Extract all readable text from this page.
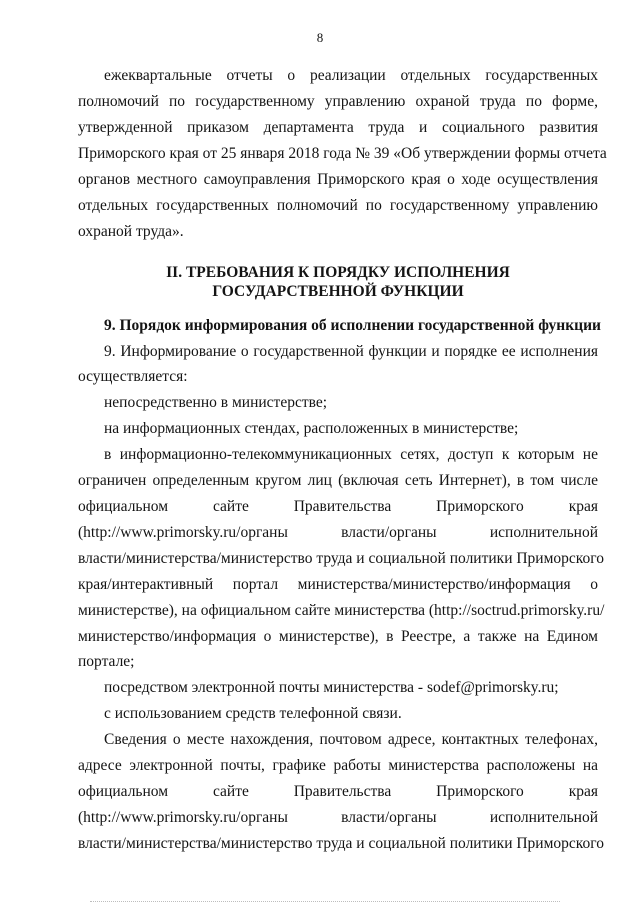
8
ежеквартальные отчеты о реализации отдельных государственных
полномочий по государственному управлению охраной труда по форме,
утвержденной приказом департамента труда и социального развития
Приморского края от 25 января 2018 года № 39 «Об утверждении формы отчета
органов местного самоуправления Приморского края о ходе осуществления
отдельных государственных полномочий по государственному управлению
охраной труда».
II. ТРЕБОВАНИЯ К ПОРЯДКУ ИСПОЛНЕНИЯ
ГОСУДАРСТВЕННОЙ ФУНКЦИИ
9. Порядок информирования об исполнении государственной функции
9. Информирование о государственной функции и порядке ее исполнения
осуществляется:
непосредственно в министерстве;
на информационных стендах, расположенных в министерстве;
в информационно-телекоммуникационных сетях, доступ к которым не
ограничен определенным кругом лиц (включая сеть Интернет), в том числе
официальном сайте Правительства Приморского края
(http://www.primorsky.ru/органы власти/органы исполнительной
власти/министерства/министерство труда и социальной политики Приморского
края/интерактивный портал министерства/министерство/информация о
министерстве), на официальном сайте министерства (http://soctrud.primorsky.ru/
министерство/информация о министерстве), в Реестре, а также на Едином
портале;
посредством электронной почты министерства - sodef@primorsky.ru;
с использованием средств телефонной связи.
Сведения о месте нахождения, почтовом адресе, контактных телефонах,
адресе электронной почты, графике работы министерства расположены на
официальном сайте Правительства Приморского края
(http://www.primorsky.ru/органы власти/органы исполнительной
власти/министерства/министерство труда и социальной политики Приморского
